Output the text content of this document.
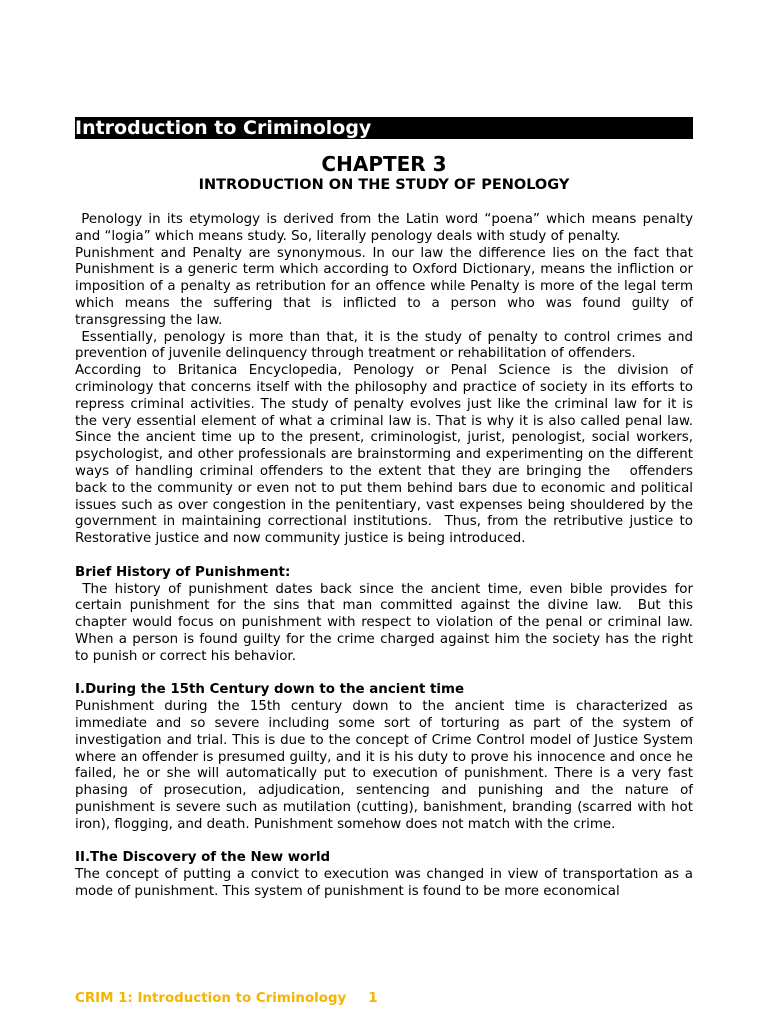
Introduction to Criminology
CHAPTER 3
INTRODUCTION ON THE STUDY OF PENOLOGY

Penology in its etymology is derived from the Latin word “poena” which means penalty and “logia” which means study. So, literally penology deals with study of penalty.

Punishment and Penalty are synonymous. In our law the difference lies on the fact that Punishment is a generic term which according to Oxford Dictionary, means the infliction or imposition of a penalty as retribution for an offence while Penalty is more of the legal term which means the suffering that is inflicted to a person who was found guilty of transgressing the law.

Essentially, penology is more than that, it is the study of penalty to control crimes and prevention of juvenile delinquency through treatment or rehabilitation of offenders.

According to Britanica Encyclopedia, Penology or Penal Science is the division of criminology that concerns itself with the philosophy and practice of society in its efforts to repress criminal activities. The study of penalty evolves just like the criminal law for it is the very essential element of what a criminal law is. That is why it is also called penal law. Since the ancient time up to the present, criminologist, jurist, penologist, social workers, psychologist, and other professionals are brainstorming and experimenting on the different ways of handling criminal offenders to the extent that they are bringing the   offenders back to the community or even not to put them behind bars due to economic and political issues such as over congestion in the penitentiary, vast expenses being shouldered by the government in maintaining correctional institutions.  Thus, from the retributive justice to Restorative justice and now community justice is being introduced.

Brief History of Punishment:

The history of punishment dates back since the ancient time, even bible provides for certain punishment for the sins that man committed against the divine law.  But this chapter would focus on punishment with respect to violation of the penal or criminal law. When a person is found guilty for the crime charged against him the society has the right to punish or correct his behavior.

I.During the 15th Century down to the ancient time

Punishment during the 15th century down to the ancient time is characterized as immediate and so severe including some sort of torturing as part of the system of investigation and trial. This is due to the concept of Crime Control model of Justice System where an offender is presumed guilty, and it is his duty to prove his innocence and once he failed, he or she will automatically put to execution of punishment. There is a very fast phasing of prosecution, adjudication, sentencing and punishing and the nature of punishment is severe such as mutilation (cutting), banishment, branding (scarred with hot iron), flogging, and death. Punishment somehow does not match with the crime.

II.The Discovery of the New world

The concept of putting a convict to execution was changed in view of transportation as a mode of punishment. This system of punishment is found to be more economical

CRIM 1: Introduction to Criminology 1
